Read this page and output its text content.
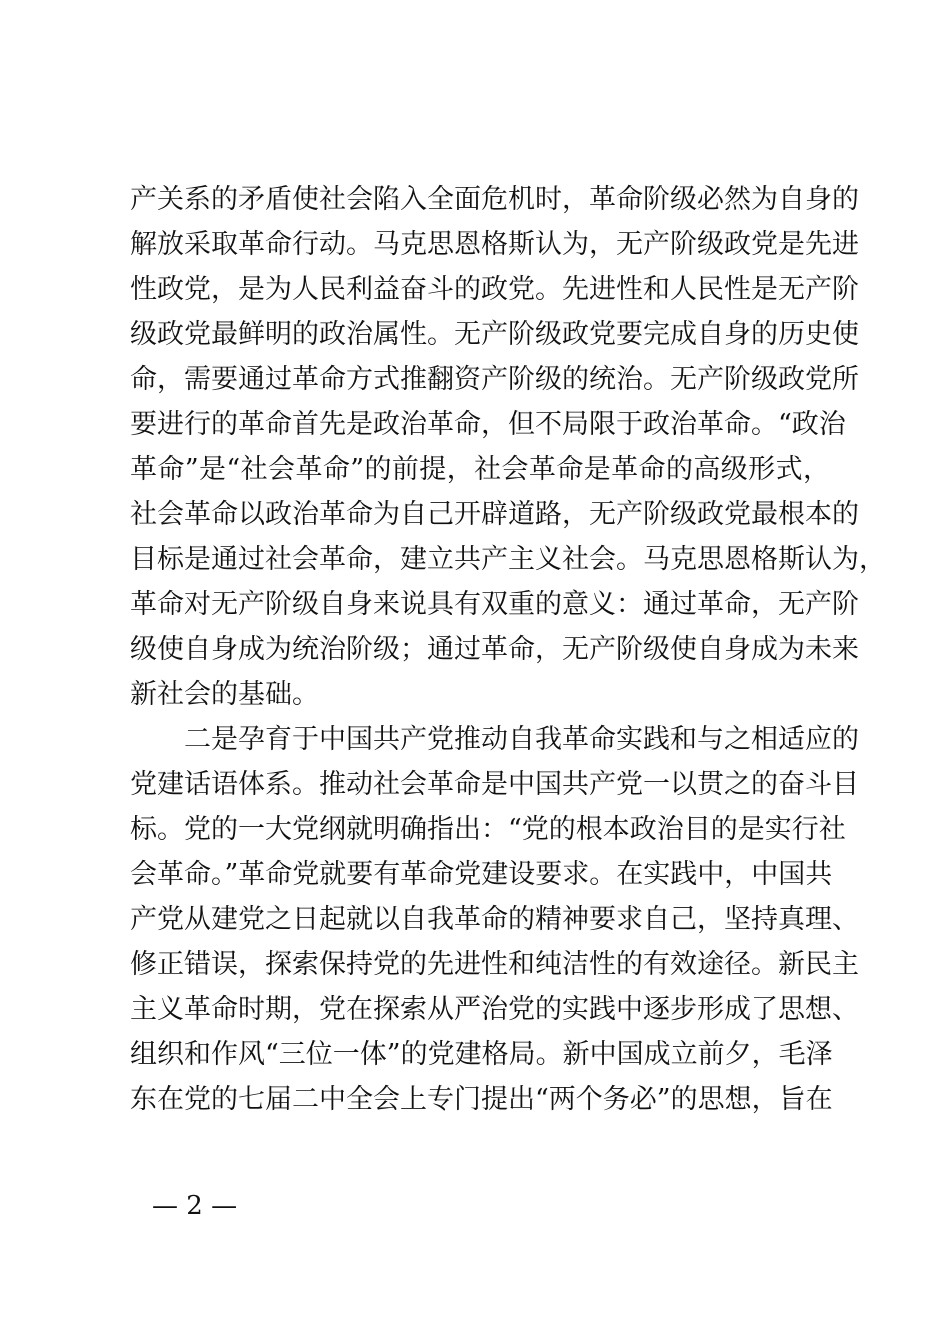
产关系的矛盾使社会陷入全面危机时，革命阶级必然为自身的
解放采取革命行动。马克思恩格斯认为，无产阶级政党是先进
性政党，是为人民利益奋斗的政党。先进性和人民性是无产阶
级政党最鲜明的政治属性。无产阶级政党要完成自身的历史使
命，需要通过革命方式推翻资产阶级的统治。无产阶级政党所
要进行的革命首先是政治革命，但不局限于政治革命。“政治
革命”是“社会革命”的前提，社会革命是革命的高级形式，
社会革命以政治革命为自己开辟道路，无产阶级政党最根本的
目标是通过社会革命，建立共产主义社会。马克思恩格斯认为，
革命对无产阶级自身来说具有双重的意义：通过革命，无产阶
级使自身成为统治阶级；通过革命，无产阶级使自身成为未来
新社会的基础。
二是孕育于中国共产党推动自我革命实践和与之相适应的
党建话语体系。推动社会革命是中国共产党一以贯之的奋斗目
标。党的一大党纲就明确指出：“党的根本政治目的是实行社
会革命。”革命党就要有革命党建设要求。在实践中，中国共
产党从建党之日起就以自我革命的精神要求自己，坚持真理、
修正错误，探索保持党的先进性和纯洁性的有效途径。新民主
主义革命时期，党在探索从严治党的实践中逐步形成了思想、
组织和作风“三位一体”的党建格局。新中国成立前夕，毛泽
东在党的七届二中全会上专门提出“两个务必”的思想，旨在
— 2 —
